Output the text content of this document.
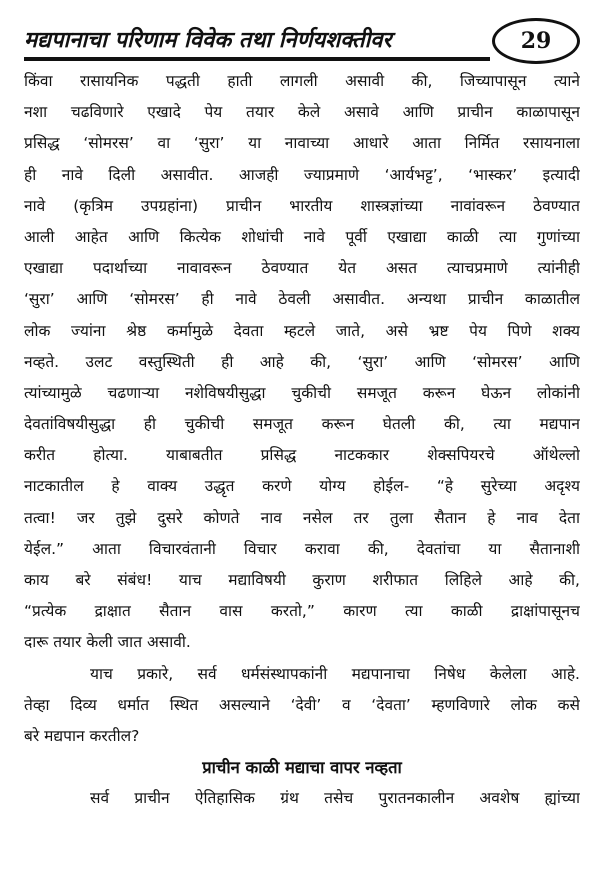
मद्यपानाचा परिणाम विवेक तथा निर्णयशक्तीवर	29
किंवा रासायनिक पद्धती हाती लागली असावी की, जिच्यापासून त्याने
नशा चढविणारे एखादे पेय तयार केले असावे आणि प्राचीन काळापासून
प्रसिद्ध ‘सोमरस’ वा ‘सुरा’ या नावाच्या आधारे आता निर्मित रसायनाला
ही नावे दिली असावीत. आजही ज्याप्रमाणे ‘आर्यभट्ट’, ‘भास्कर’ इत्यादी
नावे (कृत्रिम उपग्रहांना) प्राचीन भारतीय शास्त्रज्ञांच्या नावांवरून ठेवण्यात
आली आहेत आणि कित्येक शोधांची नावे पूर्वी एखाद्या काळी त्या गुणांच्या
एखाद्या पदार्थाच्या नावावरून ठेवण्यात येत असत त्याचप्रमाणे त्यांनीही
‘सुरा’ आणि ‘सोमरस’ ही नावे ठेवली असावीत. अन्यथा प्राचीन काळातील
लोक ज्यांना श्रेष्ठ कर्मामुळे देवता म्हटले जाते, असे भ्रष्ट पेय पिणे शक्य
नव्हते. उलट वस्तुस्थिती ही आहे की, ‘सुरा’ आणि ‘सोमरस’ आणि
त्यांच्यामुळे चढणाऱ्या नशेविषयीसुद्धा चुकीची समजूत करून घेऊन लोकांनी
देवतांविषयीसुद्धा ही चुकीची समजूत करून घेतली की, त्या मद्यपान
करीत होत्या. याबाबतीत प्रसिद्ध नाटककार शेक्सपियरचे ऑथेल्लो
नाटकातील हे वाक्य उद्धृत करणे योग्य होईल- “हे सुरेच्या अदृश्य
तत्वा! जर तुझे दुसरे कोणते नाव नसेल तर तुला सैतान हे नाव देता
येईल.” आता विचारवंतानी विचार करावा की, देवतांचा या सैतानाशी
काय बरे संबंध! याच मद्याविषयी कुराण शरीफात लिहिले आहे की,
“प्रत्येक द्राक्षात सैतान वास करतो,” कारण त्या काळी द्राक्षांपासूनच
दारू तयार केली जात असावी.
याच प्रकारे, सर्व धर्मसंस्थापकांनी मद्यपानाचा निषेध केलेला आहे.
तेव्हा दिव्य धर्मात स्थित असल्याने ‘देवी’ व ‘देवता’ म्हणविणारे लोक कसे
बरे मद्यपान करतील?
प्राचीन काळी मद्याचा वापर नव्हता
सर्व प्राचीन ऐतिहासिक ग्रंथ तसेच पुरातनकालीन अवशेष ह्यांच्या
